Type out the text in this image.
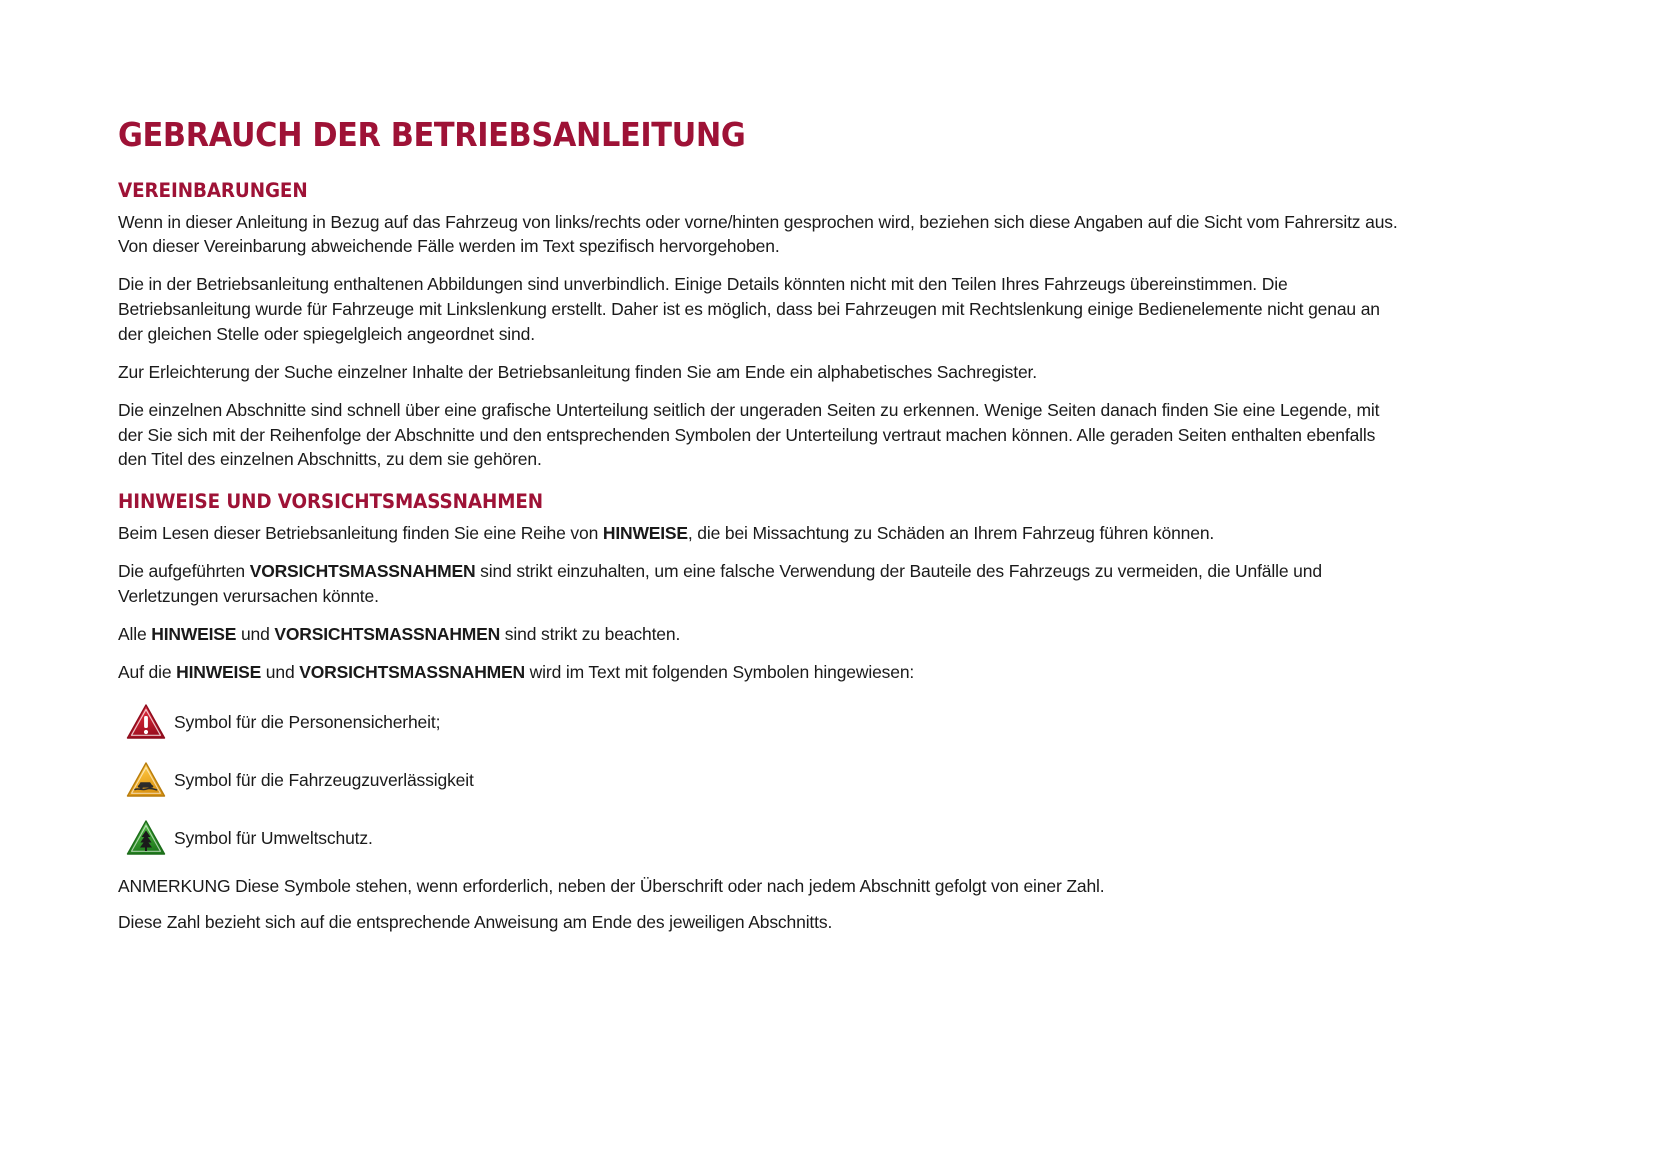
GEBRAUCH DER BETRIEBSANLEITUNG
VEREINBARUNGEN

Wenn in dieser Anleitung in Bezug auf das Fahrzeug von links/rechts oder vorne/hinten gesprochen wird, beziehen sich diese Angaben auf die Sicht vom Fahrersitz aus. Von dieser Vereinbarung abweichende Fälle werden im Text spezifisch hervorgehoben.

Die in der Betriebsanleitung enthaltenen Abbildungen sind unverbindlich. Einige Details könnten nicht mit den Teilen Ihres Fahrzeugs übereinstimmen. Die Betriebsanleitung wurde für Fahrzeuge mit Linkslenkung erstellt. Daher ist es möglich, dass bei Fahrzeugen mit Rechtslenkung einige Bedienelemente nicht genau an der gleichen Stelle oder spiegelgleich angeordnet sind.

Zur Erleichterung der Suche einzelner Inhalte der Betriebsanleitung finden Sie am Ende ein alphabetisches Sachregister.

Die einzelnen Abschnitte sind schnell über eine grafische Unterteilung seitlich der ungeraden Seiten zu erkennen. Wenige Seiten danach finden Sie eine Legende, mit der Sie sich mit der Reihenfolge der Abschnitte und den entsprechenden Symbolen der Unterteilung vertraut machen können. Alle geraden Seiten enthalten ebenfalls den Titel des einzelnen Abschnitts, zu dem sie gehören.

HINWEISE UND VORSICHTSMASSNAHMEN

Beim Lesen dieser Betriebsanleitung finden Sie eine Reihe von HINWEISE, die bei Missachtung zu Schäden an Ihrem Fahrzeug führen können.

Die aufgeführten VORSICHTSMASSNAHMEN sind strikt einzuhalten, um eine falsche Verwendung der Bauteile des Fahrzeugs zu vermeiden, die Unfälle und Verletzungen verursachen könnte.

Alle HINWEISE und VORSICHTSMASSNAHMEN sind strikt zu beachten.

Auf die HINWEISE und VORSICHTSMASSNAHMEN wird im Text mit folgenden Symbolen hingewiesen:

Symbol für die Personensicherheit;
Symbol für die Fahrzeugzuverlässigkeit
Symbol für Umweltschutz.

ANMERKUNG Diese Symbole stehen, wenn erforderlich, neben der Überschrift oder nach jedem Abschnitt gefolgt von einer Zahl.

Diese Zahl bezieht sich auf die entsprechende Anweisung am Ende des jeweiligen Abschnitts.
